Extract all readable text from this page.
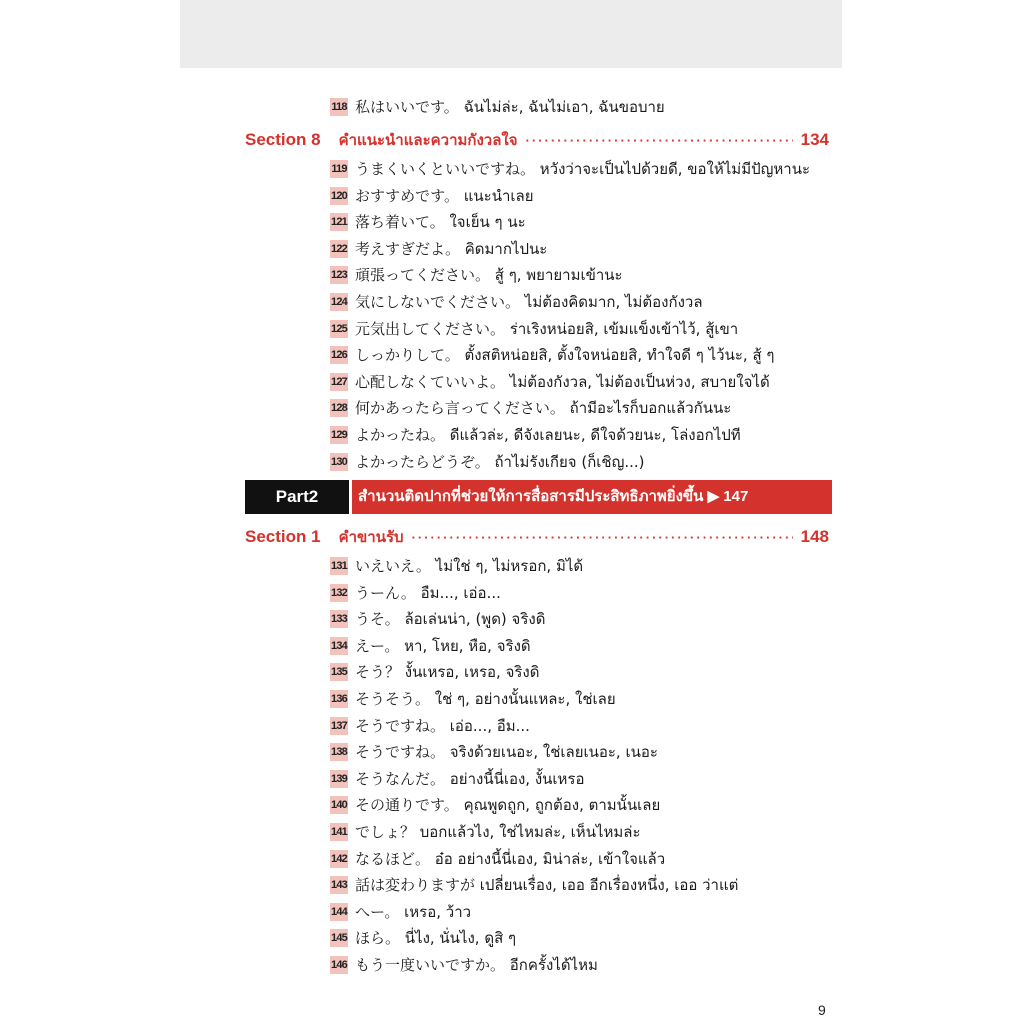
118 私はいいです。 ฉันไม่ล่ะ, ฉันไม่เอา, ฉันขอบาย
Section 8 คำแนะนำและความกังวลใจ ·····	134
119 うまくいくといいですね。 หวังว่าจะเป็นไปด้วยดี, ขอให้ไม่มีปัญหานะ
120 おすすめです。 แนะนำเลย
121 落ち着いて。 ใจเย็น ๆ นะ
122 考えすぎだよ。 คิดมากไปนะ
123 頑張ってください。 สู้ ๆ, พยายามเข้านะ
124 気にしないでください。 ไม่ต้องคิดมาก, ไม่ต้องกังวล
125 元気出してください。 ร่าเริงหน่อยสิ, เข้มแข็งเข้าไว้, สู้เขา
126 しっかりして。 ตั้งสติหน่อยสิ, ตั้งใจหน่อยสิ, ทำใจดี ๆ ไว้นะ, สู้ ๆ
127 心配しなくていいよ。 ไม่ต้องกังวล, ไม่ต้องเป็นห่วง, สบายใจได้
128 何かあったら言ってください。 ถ้ามีอะไรก็บอกแล้วกันนะ
129 よかったね。 ดีแล้วล่ะ, ดีจังเลยนะ, ดีใจด้วยนะ, โล่งอกไปที
130 よかったらどうぞ。 ถ้าไม่รังเกียจ (ก็เชิญ...)
Part2	สำนวนติดปากที่ช่วยให้การสื่อสารมีประสิทธิภาพยิ่งขึ้น ▶ 147
Section 1 คำขานรับ ·····	148
131 いえいえ。 ไม่ใช่ ๆ, ไม่หรอก, มิได้
132 うーん。 อืม..., เอ่อ...
133 うそ。 ล้อเล่นน่า, (พูด) จริงดิ
134 えー。 หา, โหย, หือ, จริงดิ
135 そう？ งั้นเหรอ, เหรอ, จริงดิ
136 そうそう。 ใช่ ๆ, อย่างนั้นแหละ, ใช่เลย
137 そうですね。 เอ่อ..., อืม...
138 そうですね。 จริงด้วยเนอะ, ใช่เลยเนอะ, เนอะ
139 そうなんだ。 อย่างนี้นี่เอง, งั้นเหรอ
140 その通りです。 คุณพูดถูก, ถูกต้อง, ตามนั้นเลย
141 でしょ？ บอกแล้วไง, ใช่ไหมล่ะ, เห็นไหมล่ะ
142 なるほど。 อ๋อ อย่างนี้นี่เอง, มิน่าล่ะ, เข้าใจแล้ว
143 話は変わりますが เปลี่ยนเรื่อง, เออ อีกเรื่องหนึ่ง, เออ ว่าแต่
144 へー。 เหรอ, ว้าว
145 ほら。 นี่ไง, นั่นไง, ดูสิ ๆ
146 もう一度いいですか。 อีกครั้งได้ไหม
9
